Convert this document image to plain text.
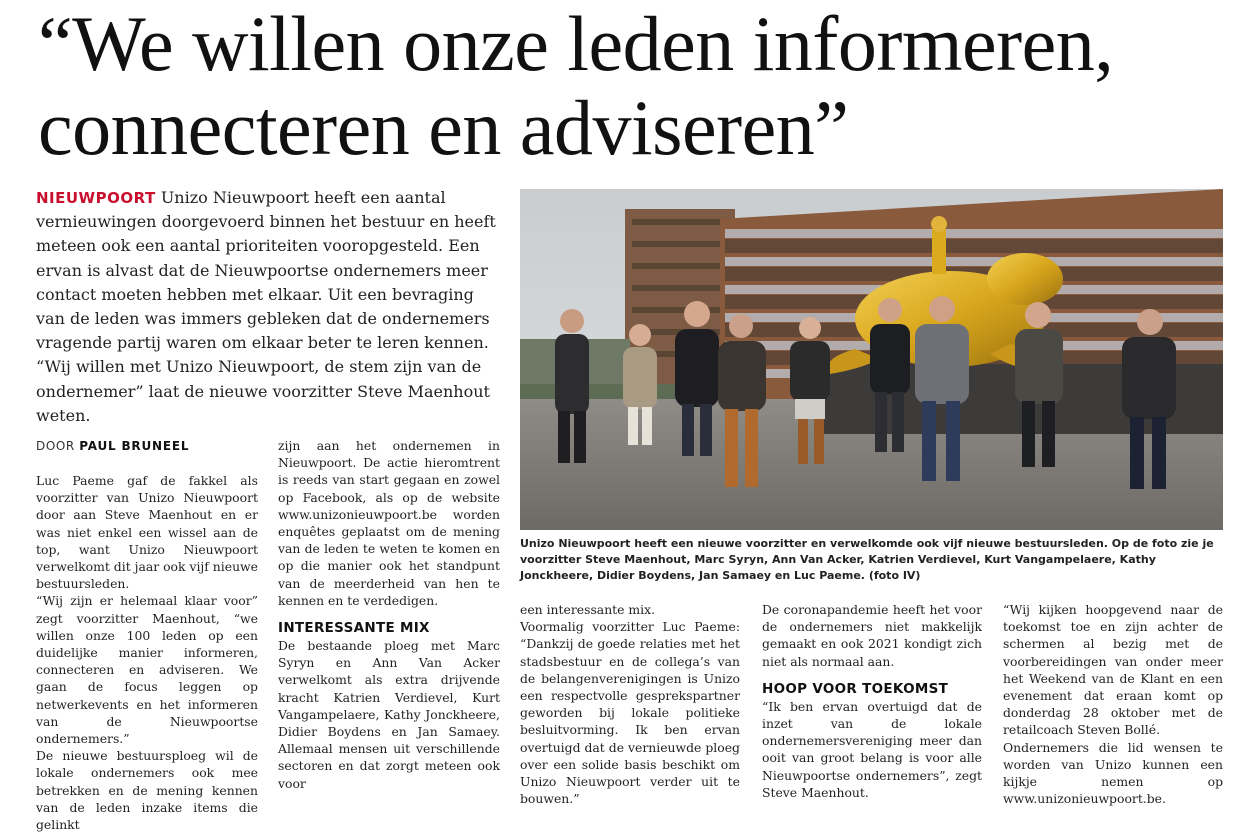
“We willen onze leden informeren, connecteren en adviseren”

NIEUWPOORT Unizo Nieuwpoort heeft een aantal vernieuwingen doorgevoerd binnen het bestuur en heeft meteen ook een aantal prioriteiten vooropgesteld. Een ervan is alvast dat de Nieuwpoortse ondernemers meer contact moeten hebben met elkaar. Uit een bevraging van de leden was immers gebleken dat de ondernemers vragende partij waren om elkaar beter te leren kennen. “Wij willen met Unizo Nieuwpoort, de stem zijn van de ondernemer” laat de nieuwe voorzitter Steve Maenhout weten.

DOOR PAUL BRUNEEL

Luc Paeme gaf de fakkel als voorzitter van Unizo Nieuwpoort door aan Steve Maenhout en er was niet enkel een wissel aan de top, want Unizo Nieuwpoort verwelkomt dit jaar ook vijf nieuwe bestuursleden.

“Wij zijn er helemaal klaar voor” zegt voorzitter Maenhout, “we willen onze 100 leden op een duidelijke manier informeren, connecteren en adviseren. We gaan de focus leggen op netwerkevents en het informeren van de Nieuwpoortse ondernemers.”

De nieuwe bestuursploeg wil de lokale ondernemers ook mee betrekken en de mening kennen van de leden inzake items die gelinkt

zijn aan het ondernemen in Nieuwpoort. De actie hieromtrent is reeds van start gegaan en zowel op Facebook, als op de website www.unizonieuwpoort.be worden enquêtes geplaatst om de mening van de leden te weten te komen en op die manier ook het standpunt van de meerderheid van hen te kennen en te verdedigen.

INTERESSANTE MIX

De bestaande ploeg met Marc Syryn en Ann Van Acker verwelkomt als extra drijvende kracht Katrien Verdievel, Kurt Vangampelaere, Kathy Jonckheere, Didier Boydens en Jan Samaey. Allemaal mensen uit verschillende sectoren en dat zorgt meteen ook voor

Unizo Nieuwpoort heeft een nieuwe voorzitter en verwelkomde ook vijf nieuwe bestuursleden. Op de foto zie je voorzitter Steve Maenhout, Marc Syryn, Ann Van Acker, Katrien Verdievel, Kurt Vangampelaere, Kathy Jonckheere, Didier Boydens, Jan Samaey en Luc Paeme. (foto IV)

een interessante mix.

Voormalig voorzitter Luc Paeme: “Dankzij de goede relaties met het stadsbestuur en de collega’s van de belangenverenigingen is Unizo een respectvolle gesprekspartner geworden bij lokale politieke besluitvorming. Ik ben ervan overtuigd dat de vernieuwde ploeg over een solide basis beschikt om Unizo Nieuwpoort verder uit te bouwen.”

De coronapandemie heeft het voor de ondernemers niet makkelijk gemaakt en ook 2021 kondigt zich niet als normaal aan.

HOOP VOOR TOEKOMST

“Ik ben ervan overtuigd dat de inzet van de lokale ondernemersvereniging meer dan ooit van groot belang is voor alle Nieuwpoortse ondernemers”, zegt Steve Maenhout.

“Wij kijken hoopgevend naar de toekomst toe en zijn achter de schermen al bezig met de voorbereidingen van onder meer het Weekend van de Klant en een evenement dat eraan komt op donderdag 28 oktober met de retailcoach Steven Bollé.

Ondernemers die lid wensen te worden van Unizo kunnen een kijkje nemen op www.unizonieuwpoort.be.
